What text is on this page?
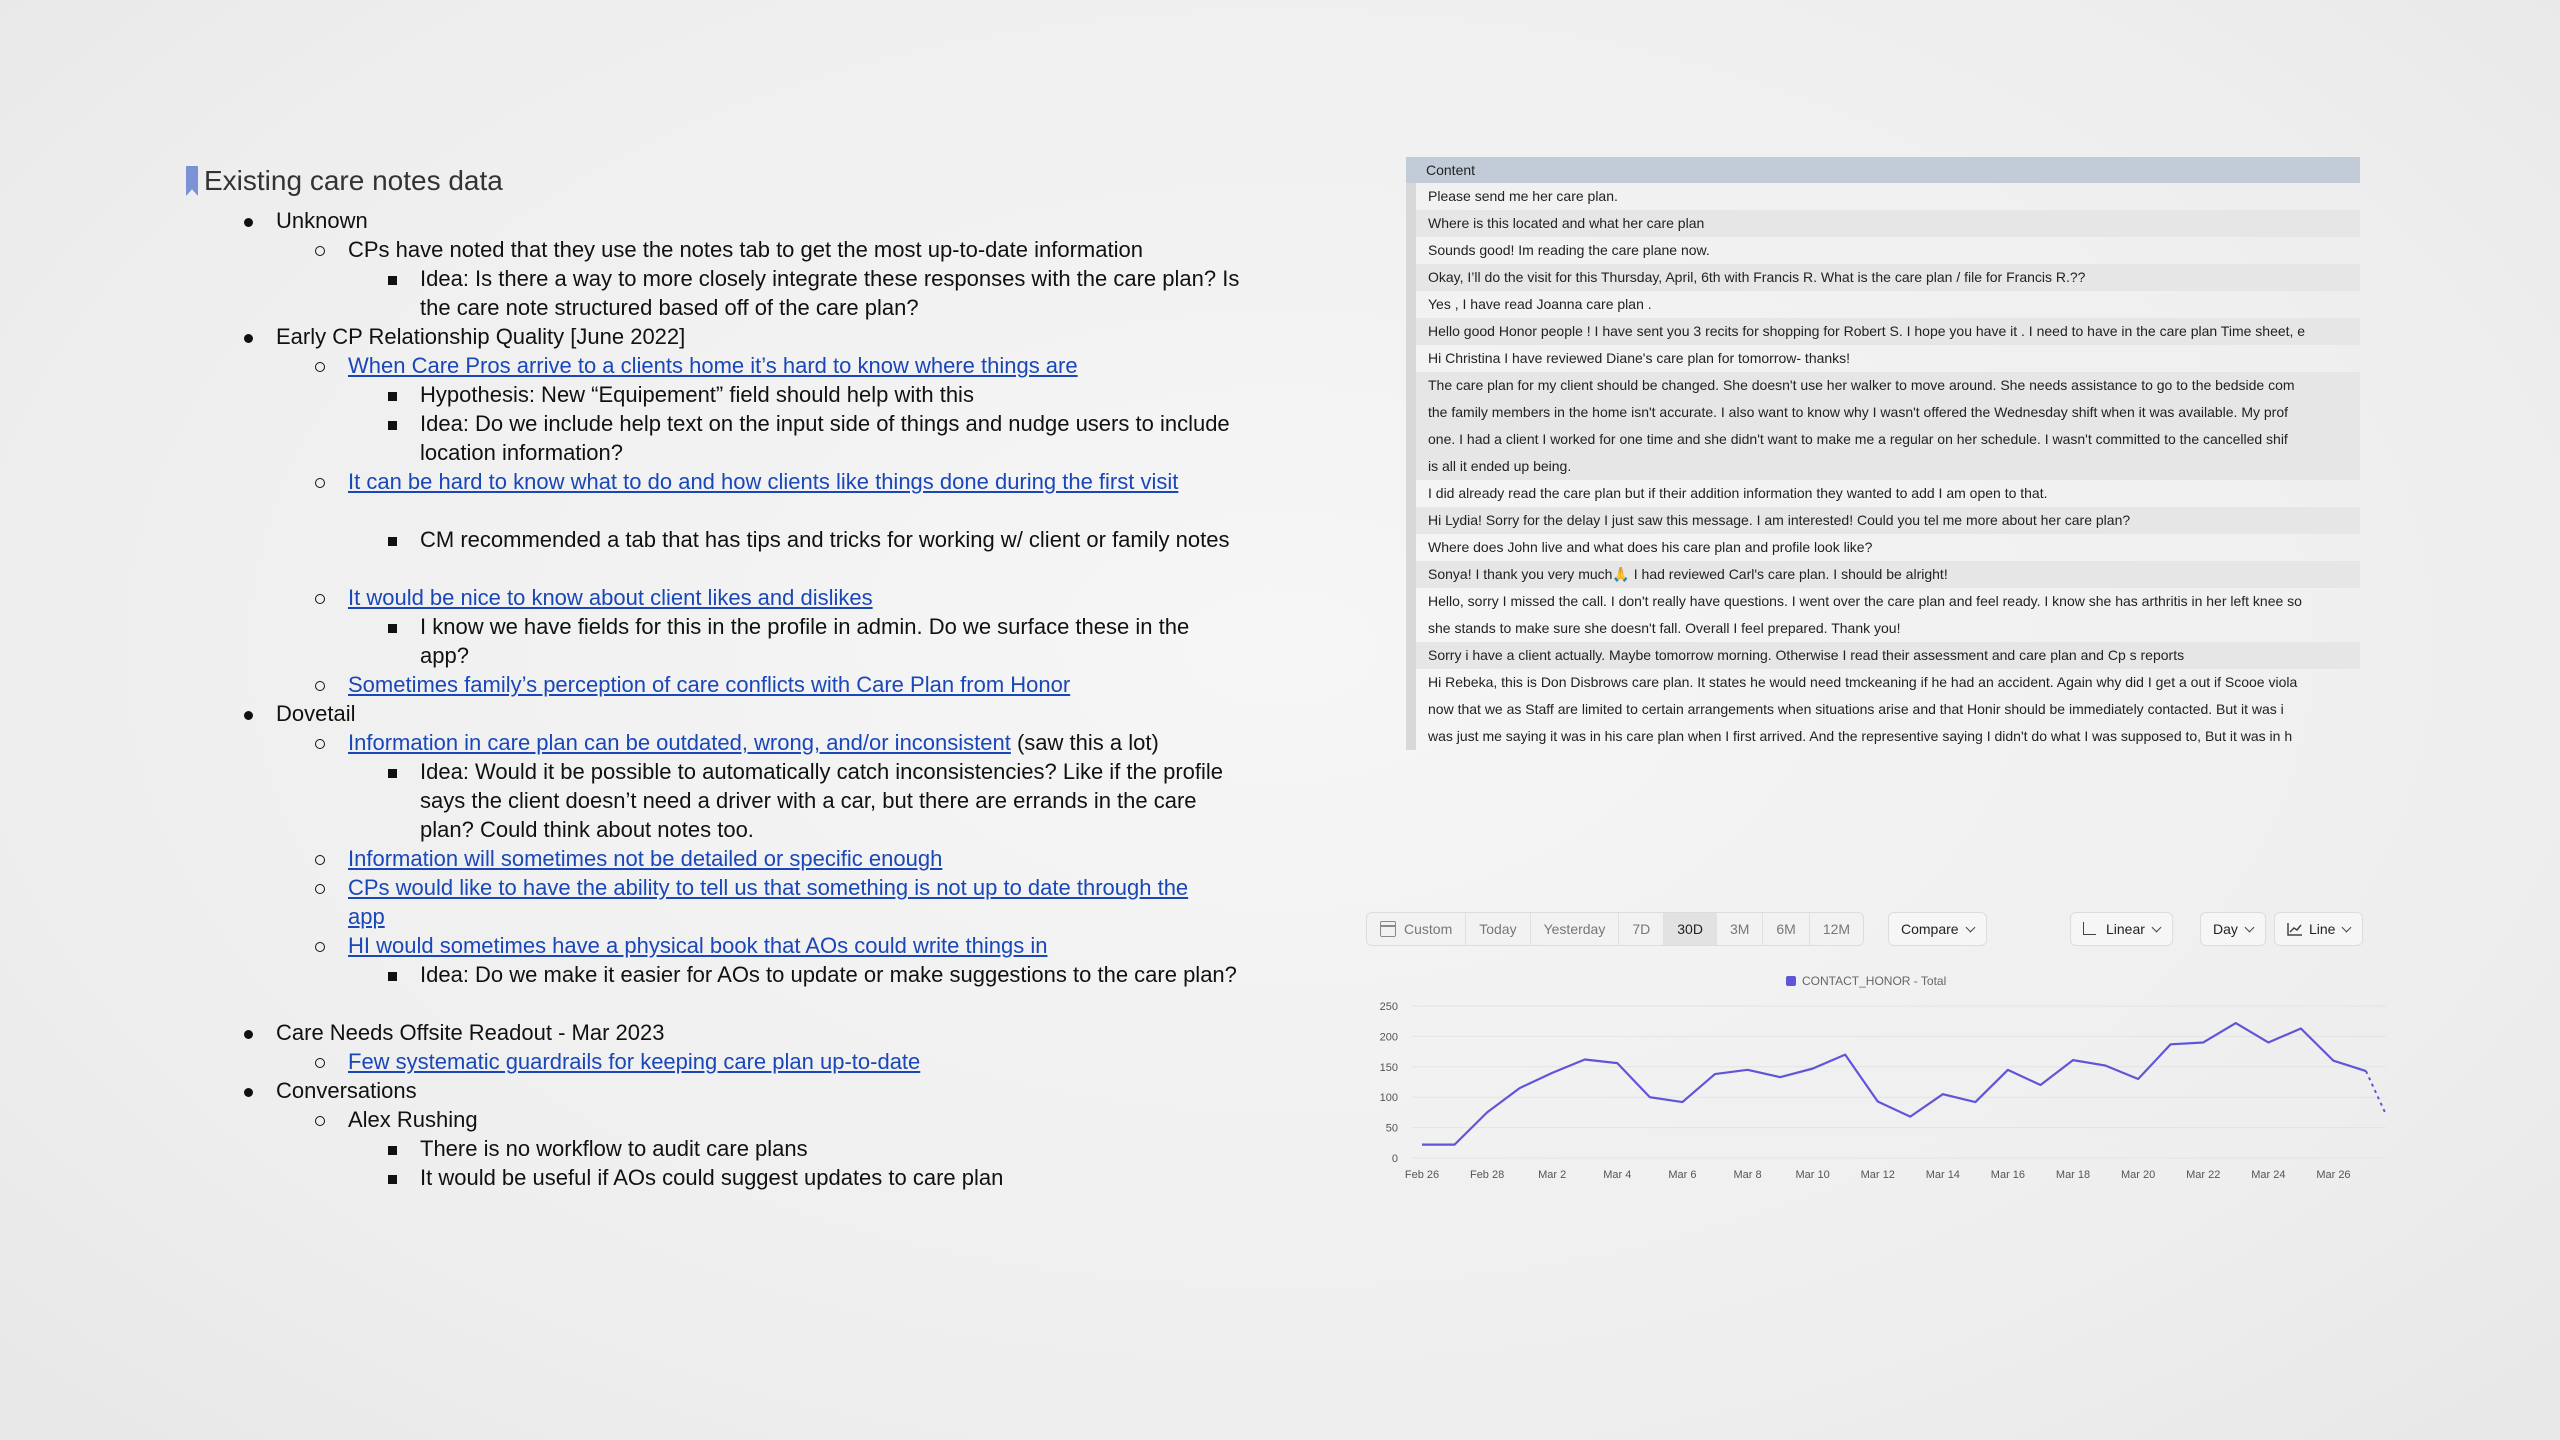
Existing care notes data
Unknown
CPs have noted that they use the notes tab to get the most up-to-date information
Idea: Is there a way to more closely integrate these responses with the care plan? Is the care note structured based off of the care plan?
Early CP Relationship Quality [June 2022]
When Care Pros arrive to a clients home it’s hard to know where things are
Hypothesis: New “Equipement” field should help with this
Idea: Do we include help text on the input side of things and nudge users to include location information?
It can be hard to know what to do and how clients like things done during the first visit
CM recommended a tab that has tips and tricks for working w/ client or family notes
It would be nice to know about client likes and dislikes
I know we have fields for this in the profile in admin. Do we surface these in the app?
Sometimes family’s perception of care conflicts with Care Plan from Honor
Dovetail
Information in care plan can be outdated, wrong, and/or inconsistent (saw this a lot)
Idea: Would it be possible to automatically catch inconsistencies? Like if the profile says the client doesn’t need a driver with a car, but there are errands in the care plan? Could think about notes too.
Information will sometimes not be detailed or specific enough
CPs would like to have the ability to tell us that something is not up to date through the app
HI would sometimes have a physical book that AOs could write things in
Idea: Do we make it easier for AOs to update or make suggestions to the care plan?
Care Needs Offsite Readout - Mar 2023
Few systematic guardrails for keeping care plan up-to-date
Conversations
Alex Rushing
There is no workflow to audit care plans
It would be useful if AOs could suggest updates to care plan
Content
Please send me her care plan.
Where is this located and what her care plan
Sounds good! Im reading the care plane now.
Okay, I’ll do the visit for this Thursday, April, 6th with Francis R. What is the care plan / file for Francis R.??
Yes , I have read Joanna care plan .
Hello good Honor people ! I have sent you 3 recits for shopping for Robert S. I hope you have it . I need to have in the care plan Time sheet, e
Hi Christina I have reviewed Diane's care plan for tomorrow- thanks!
The care plan for my client should be changed. She doesn't use her walker to move around. She needs assistance to go to the bedside com
the family members in the home isn't accurate. I also want to know why I wasn't offered the Wednesday shift when it was available. My prof
one. I had a client I worked for one time and she didn't want to make me a regular on her schedule. I wasn't committed to the cancelled shif
is all it ended up being.
I did already read the care plan but if their addition information they wanted to add I am open to that.
Hi Lydia! Sorry for the delay I just saw this message. I am interested! Could you tel me more about her care plan?
Where does John live and what does his care plan and profile look like?
Sonya! I thank you very much🙏 I had reviewed Carl's care plan. I should be alright!
Hello, sorry I missed the call. I don't really have questions. I went over the care plan and feel ready. I know she has arthritis in her left knee so
she stands to make sure she doesn't fall. Overall I feel prepared. Thank you!
Sorry i have a client actually. Maybe tomorrow morning. Otherwise I read their assessment and care plan and Cp s reports
Hi Rebeka, this is Don Disbrows care plan. It states he would need tmckeaning if he had an accident. Again why did I get a out if Scooe viola
now that we as Staff are limited to certain arrangements when situations arise and that Honir should be immediately contacted. But it was i
was just me saying it was in his care plan when I first arrived. And the representive saying I didn't do what I was supposed to, But it was in h
Custom	Today	Yesterday	7D	30D	3M	6M	12M	Compare	Linear	Day	Line
CONTACT_HONOR - Total
0
50
100
150
200
250
Feb 26	Feb 28	Mar 2	Mar 4	Mar 6	Mar 8	Mar 10	Mar 12	Mar 14	Mar 16	Mar 18	Mar 20	Mar 22	Mar 24	Mar 26
